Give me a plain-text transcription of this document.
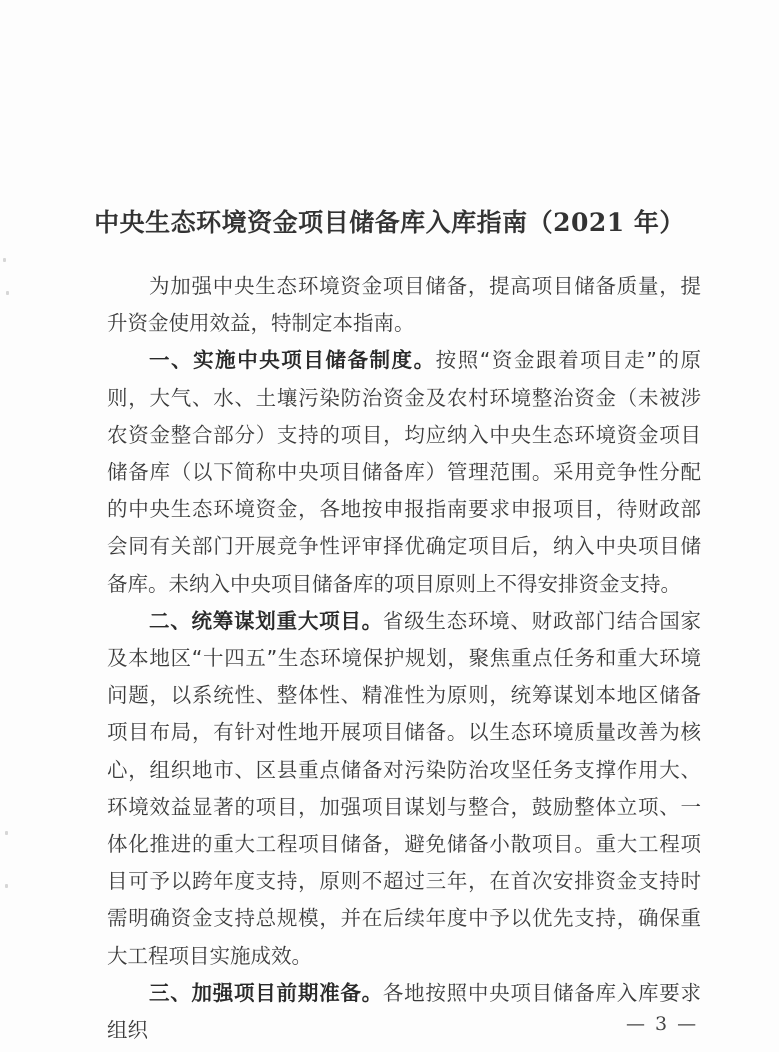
中央生态环境资金项目储备库入库指南（2021 年）

为加强中央生态环境资金项目储备，提高项目储备质量，提升资金使用效益，特制定本指南。

一、实施中央项目储备制度。按照“资金跟着项目走”的原则，大气、水、土壤污染防治资金及农村环境整治资金（未被涉农资金整合部分）支持的项目，均应纳入中央生态环境资金项目储备库（以下简称中央项目储备库）管理范围。采用竞争性分配的中央生态环境资金，各地按申报指南要求申报项目，待财政部会同有关部门开展竞争性评审择优确定项目后，纳入中央项目储备库。未纳入中央项目储备库的项目原则上不得安排资金支持。

二、统筹谋划重大项目。省级生态环境、财政部门结合国家及本地区“十四五”生态环境保护规划，聚焦重点任务和重大环境问题，以系统性、整体性、精准性为原则，统筹谋划本地区储备项目布局，有针对性地开展项目储备。以生态环境质量改善为核心，组织地市、区县重点储备对污染防治攻坚任务支撑作用大、环境效益显著的项目，加强项目谋划与整合，鼓励整体立项、一体化推进的重大工程项目储备，避免储备小散项目。重大工程项目可予以跨年度支持，原则不超过三年，在首次安排资金支持时需明确资金支持总规模，并在后续年度中予以优先支持，确保重大工程项目实施成效。

三、加强项目前期准备。各地按照中央项目储备库入库要求组织	— 3 —
